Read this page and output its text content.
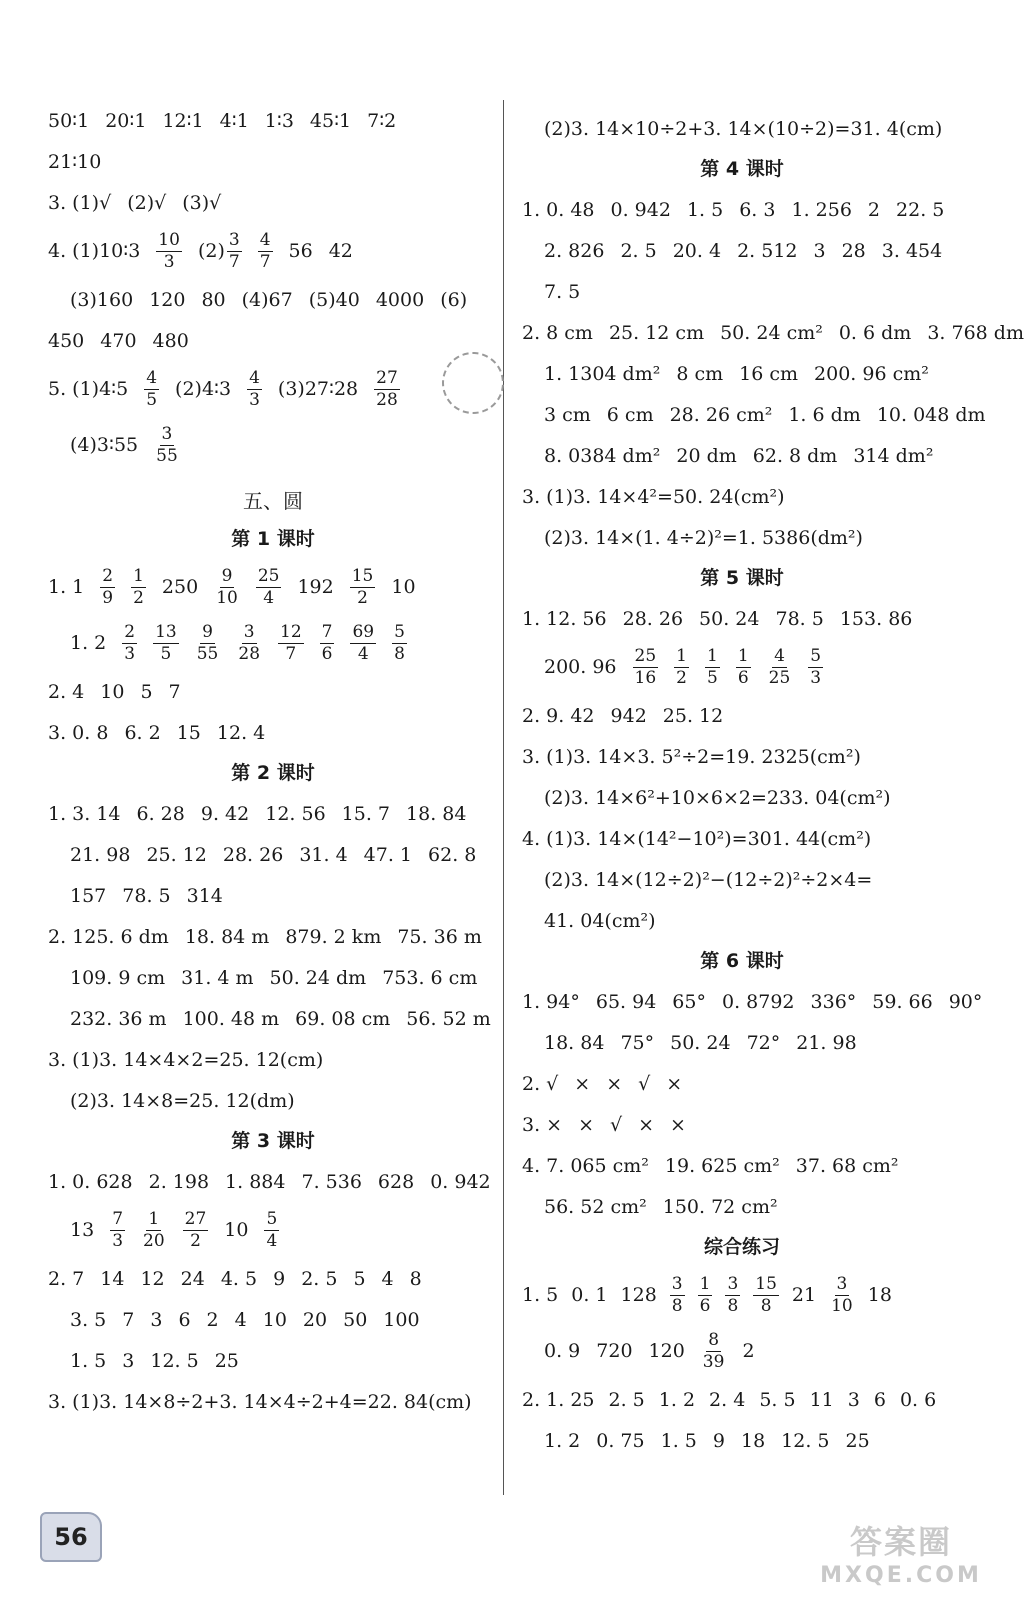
50∶1 20∶1 12∶1 4∶1 1∶3 45∶1 7∶2
21∶10
3. (1)√ (2)√ (3)√
4. (1)10∶3 $\frac{10}{3} (2) \frac{3}{7} \frac{4}{7} 56$ 42
(3)160 120 80 (4)67 (5)40 4000 (6)
450 470 480
5. (1)4∶5 $\frac{4}{5}$ (2)4∶3 $\frac{4}{3}$ (3)27∶28 $\frac{27}{28}$
(4)3∶55 $\frac{3}{55}$
五、圆
第 1 课时
1. $1 \frac{2}{9} \frac{1}{2} 250 \frac{9}{10} \frac{25}{4} 192 \frac{15}{2} 10$
1. $2 \frac{2}{3} \frac{13}{5} \frac{9}{55} \frac{3}{28} \frac{12}{7} \frac{7}{6} \frac{69}{4} \frac{5}{8}$
2. 4 10 5 7
3. 0. 8 6. 2 15 12. 4
第 2 课时
1. 3. 14 6. 28 9. 42 12. 56 15. 7 18. 84
21. 98 25. 12 28. 26 31. 4 47. 1 62. 8
157 78. 5 314
2. 125. 6 dm 18. 84 m 879. 2 km 75. 36 m
109. 9 cm 31. 4 m 50. 24 dm 753. 6 cm
232. 36 m 100. 48 m 69. 08 cm 56. 52 m
3. (1)3. 14×4×2=25. 12(cm)
(2)3. 14×8=25. 12(dm)
第 3 课时
1. 0. 628 2. 198 1. 884 7. 536 628 0. 942
$13 \frac{7}{3} \frac{1}{20} \frac{27}{2} 10 \frac{5}{4}$
2. 7 14 12 24 4. 5 9 2. 5 5 4 8
3. 5 7 3 6 2 4 10 20 50 100
1. 5 3 12. 5 25
3. (1)3. 14×8÷2+3. 14×4÷2+4=22. 84(cm)
(2)3. 14×10÷2+3. 14×(10÷2)=31. 4(cm)
第 4 课时
1. 0. 48 0. 942 1. 5 6. 3 1. 256 2 22. 5
2. 826 2. 5 20. 4 2. 512 3 28 3. 454
7. 5
2. 8 cm 25. 12 cm 50. 24 cm² 0. 6 dm 3. 768 dm
1. 1304 dm² 8 cm 16 cm 200. 96 cm²
3 cm 6 cm 28. 26 cm² 1. 6 dm 10. 048 dm
8. 0384 dm² 20 dm 62. 8 dm 314 dm²
3. (1)3. 14×4²=50. 24(cm²)
(2)3. 14×(1. 4÷2)²=1. 5386(dm²)
第 5 课时
1. 12. 56 28. 26 50. 24 78. 5 153. 86
200. $96 \frac{25}{16} \frac{1}{2} \frac{1}{5} \frac{1}{6} \frac{4}{25} \frac{5}{3}$
2. 9. 42 942 25. 12
3. (1)3. 14×3. 5²÷2=19. 2325(cm²)
(2)3. 14×6²+10×6×2=233. 04(cm²)
4. (1)3. 14×(14²−10²)=301. 44(cm²)
(2)3. 14×(12÷2)²−(12÷2)²÷2×4=
41. 04(cm²)
第 6 课时
1. 94° 65. 94 65° 0. 8792 336° 59. 66 90°
18. 84 75° 50. 24 72° 21. 98
2. √ × × √ ×
3. × × √ × ×
4. 7. 065 cm² 19. 625 cm² 37. 68 cm²
56. 52 cm² 150. 72 cm²
综合练习
1. 5 0. 1 $128 \frac{3}{8} \frac{1}{6} \frac{3}{8} \frac{15}{8} 21 \frac{3}{10} 18$
0. 9 720 $120 \frac{8}{39} 2$
2. 1. 25 2. 5 1. 2 2. 4 5. 5 11 3 6 0. 6
1. 2 0. 75 1. 5 9 18 12. 5 25
56	答案圈
MXQE.COM
